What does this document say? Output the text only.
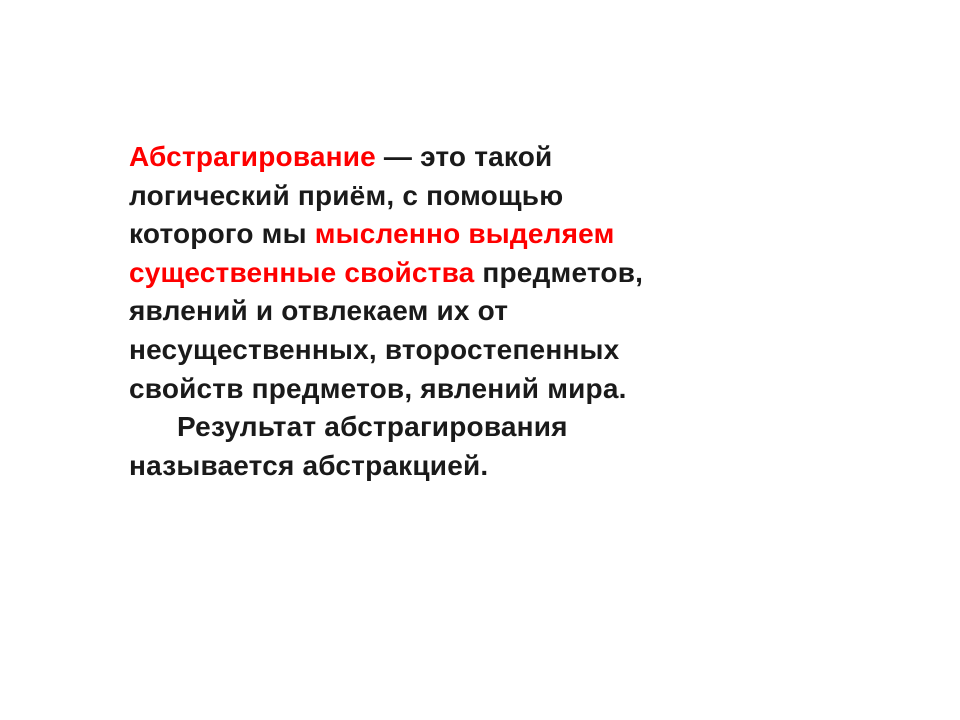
Абстрагирование — это такой
логический приём, с помощью
которого мы мысленно выделяем
существенные свойства предметов,
явлений и отвлекаем их от
несущественных, второстепенных
свойств предметов, явлений мира.
Результат абстрагирования
называется абстракцией.
